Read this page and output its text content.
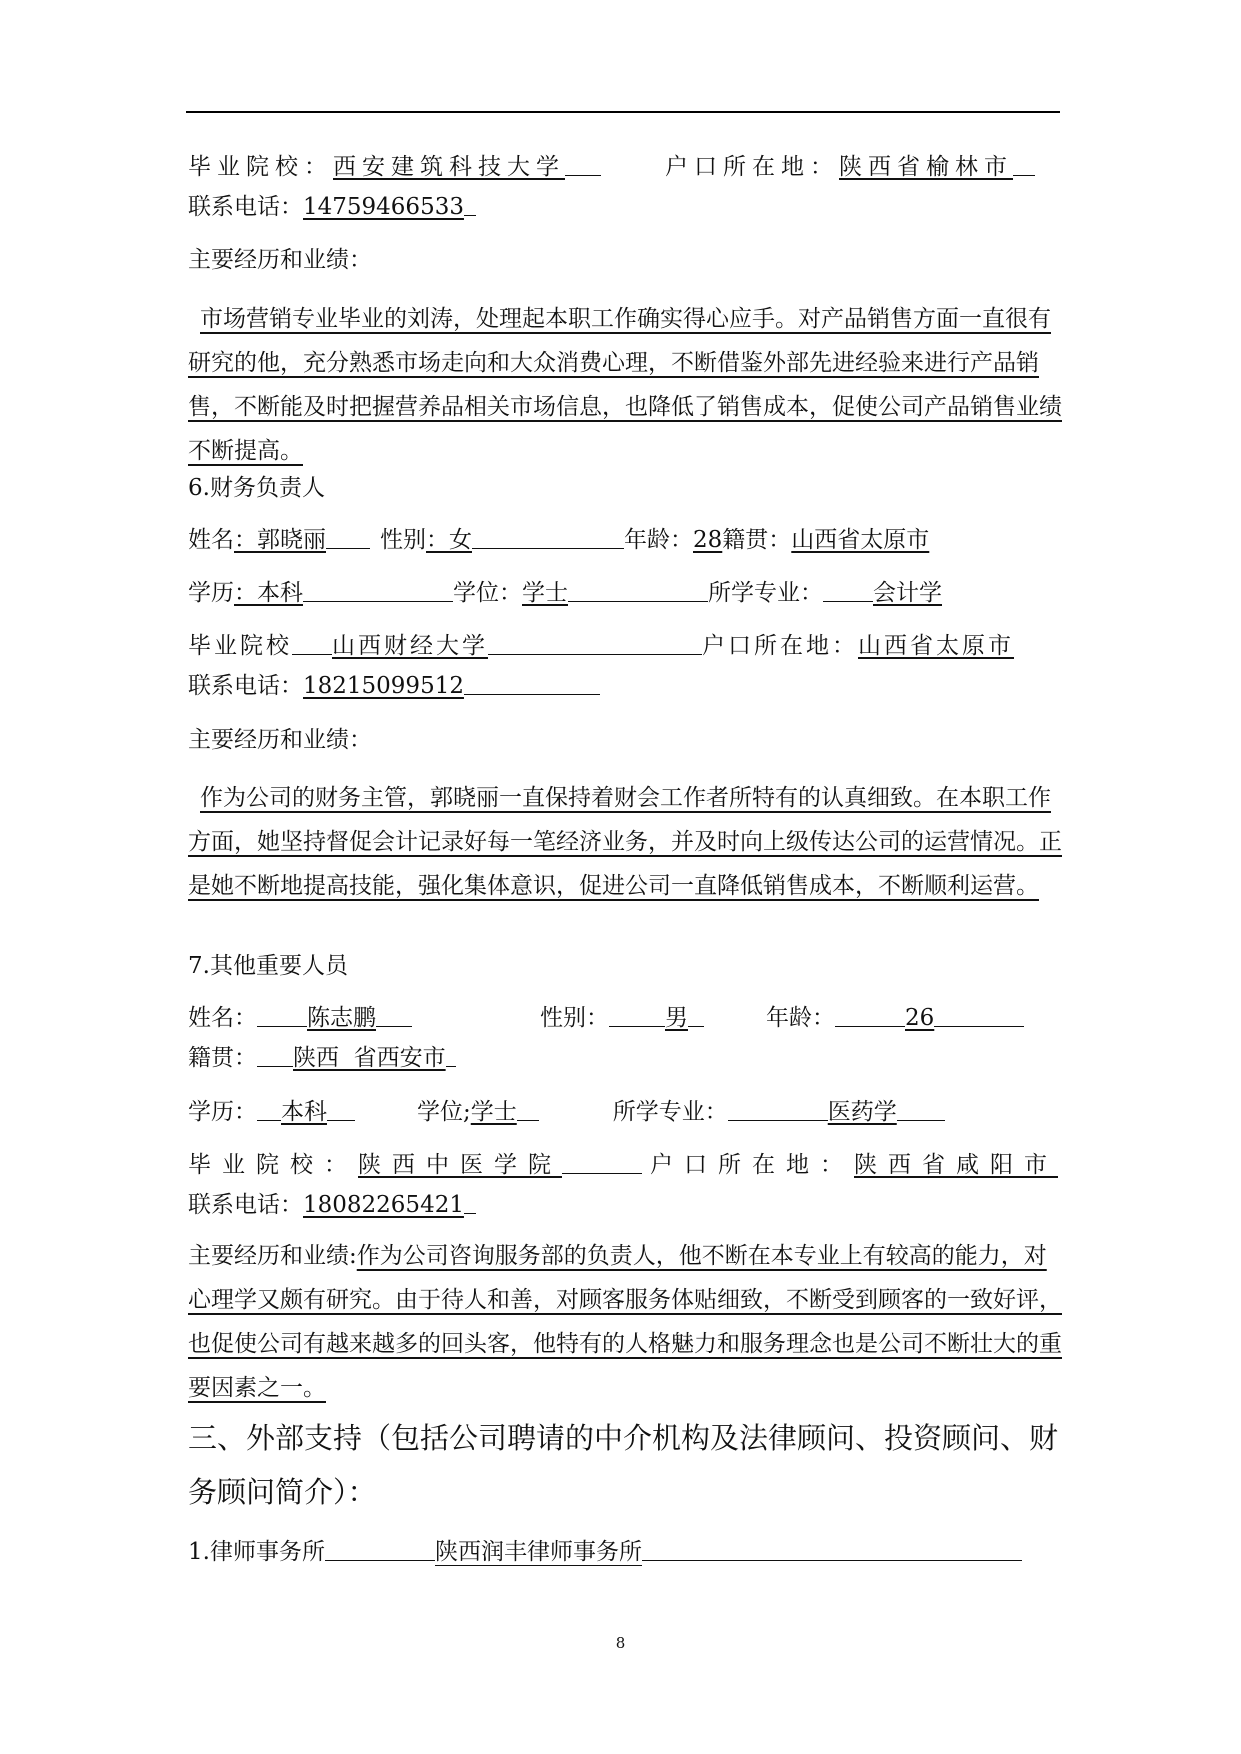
毕业院校：西安建筑科技大学	户口所在地：陕西省榆林市
联系电话：14759466533
主要经历和业绩：
市场营销专业毕业的刘涛，处理起本职工作确实得心应手。对产品销售方面一直很有研究的他，充分熟悉市场走向和大众消费心理，不断借鉴外部先进经验来进行产品销售，不断能及时把握营养品相关市场信息，也降低了销售成本，促使公司产品销售业绩不断提高。
6.财务负责人
姓名：郭晓丽 性别：女	年龄：28籍贯：山西省太原市
学历：本科	学位：学士	所学专业： 会计学
毕业院校 山西财经大学	户口所在地：山西省太原市
联系电话：18215099512
主要经历和业绩：
作为公司的财务主管，郭晓丽一直保持着财会工作者所特有的认真细致。在本职工作方面，她坚持督促会计记录好每一笔经济业务，并及时向上级传达公司的运营情况。正是她不断地提高技能，强化集体意识，促进公司一直降低销售成本，不断顺利运营。
7.其他重要人员
姓名： 陈志鹏	性别： 男	年龄：	26
籍贯： 陕西  省西安市
学历： 本科	学位;学士	所学专业：	医药学
毕业院校：陕西中医学院	户口所在地：陕西省咸阳市
联系电话：18082265421
主要经历和业绩:作为公司咨询服务部的负责人，他不断在本专业上有较高的能力，对心理学又颇有研究。由于待人和善，对顾客服务体贴细致，不断受到顾客的一致好评，也促使公司有越来越多的回头客，他特有的人格魅力和服务理念也是公司不断壮大的重要因素之一。
三、外部支持（包括公司聘请的中介机构及法律顾问、投资顾问、财务顾问简介）：
1.律师事务所	陕西润丰律师事务所
8
